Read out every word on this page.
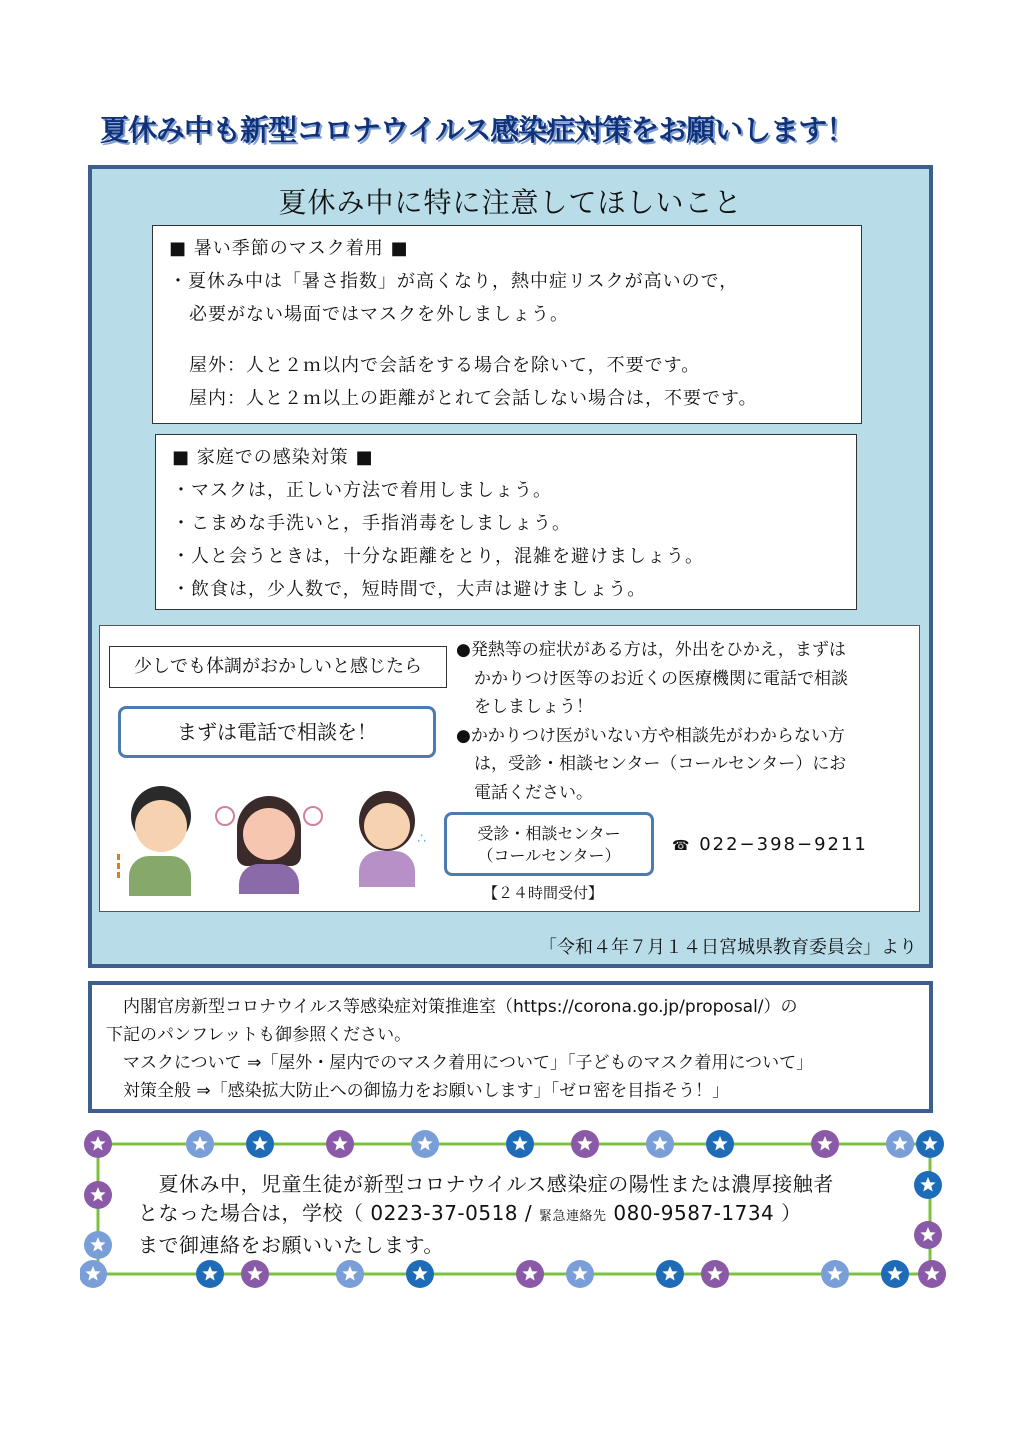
夏休み中も新型コロナウイルス感染症対策をお願いします！
夏休み中に特に注意してほしいこと
■ 暑い季節のマスク着用 ■
・夏休み中は「暑さ指数」が高くなり，熱中症リスクが高いので，
必要がない場面ではマスクを外しましょう。
屋外：人と２ｍ以内で会話をする場合を除いて，不要です。
屋内：人と２ｍ以上の距離がとれて会話しない場合は，不要です。
■ 家庭での感染対策 ■
・マスクは，正しい方法で着用しましょう。
・こまめな手洗いと，手指消毒をしましょう。
・人と会うときは，十分な距離をとり，混雑を避けましょう。
・飲食は，少人数で，短時間で，大声は避けましょう。
少しでも体調がおかしいと感じたら
まずは電話で相談を！
∴
●発熱等の症状がある方は，外出をひかえ，まずは
かかりつけ医等のお近くの医療機関に電話で相談
をしましょう！
●かかりつけ医がいない方や相談先がわからない方
は，受診・相談センター（コールセンター）にお
電話ください。
受診・相談センター
（コールセンター）
【２４時間受付】
☎ 022−398−9211
「令和４年７月１４日宮城県教育委員会」より
　内閣官房新型コロナウイルス等感染症対策推進室（https://corona.go.jp/proposal/）の
下記のパンフレットも御参照ください。
　マスクについて ⇒「屋外・屋内でのマスク着用について」「子どものマスク着用について」
　対策全般 ⇒「感染拡大防止への御協力をお願いします」「ゼロ密を目指そう！」
　夏休み中，児童生徒が新型コロナウイルス感染症の陽性または濃厚接触者
となった場合は，学校（ 0223-37-0518 / 緊急連絡先 080-9587-1734 ）
まで御連絡をお願いいたします。
